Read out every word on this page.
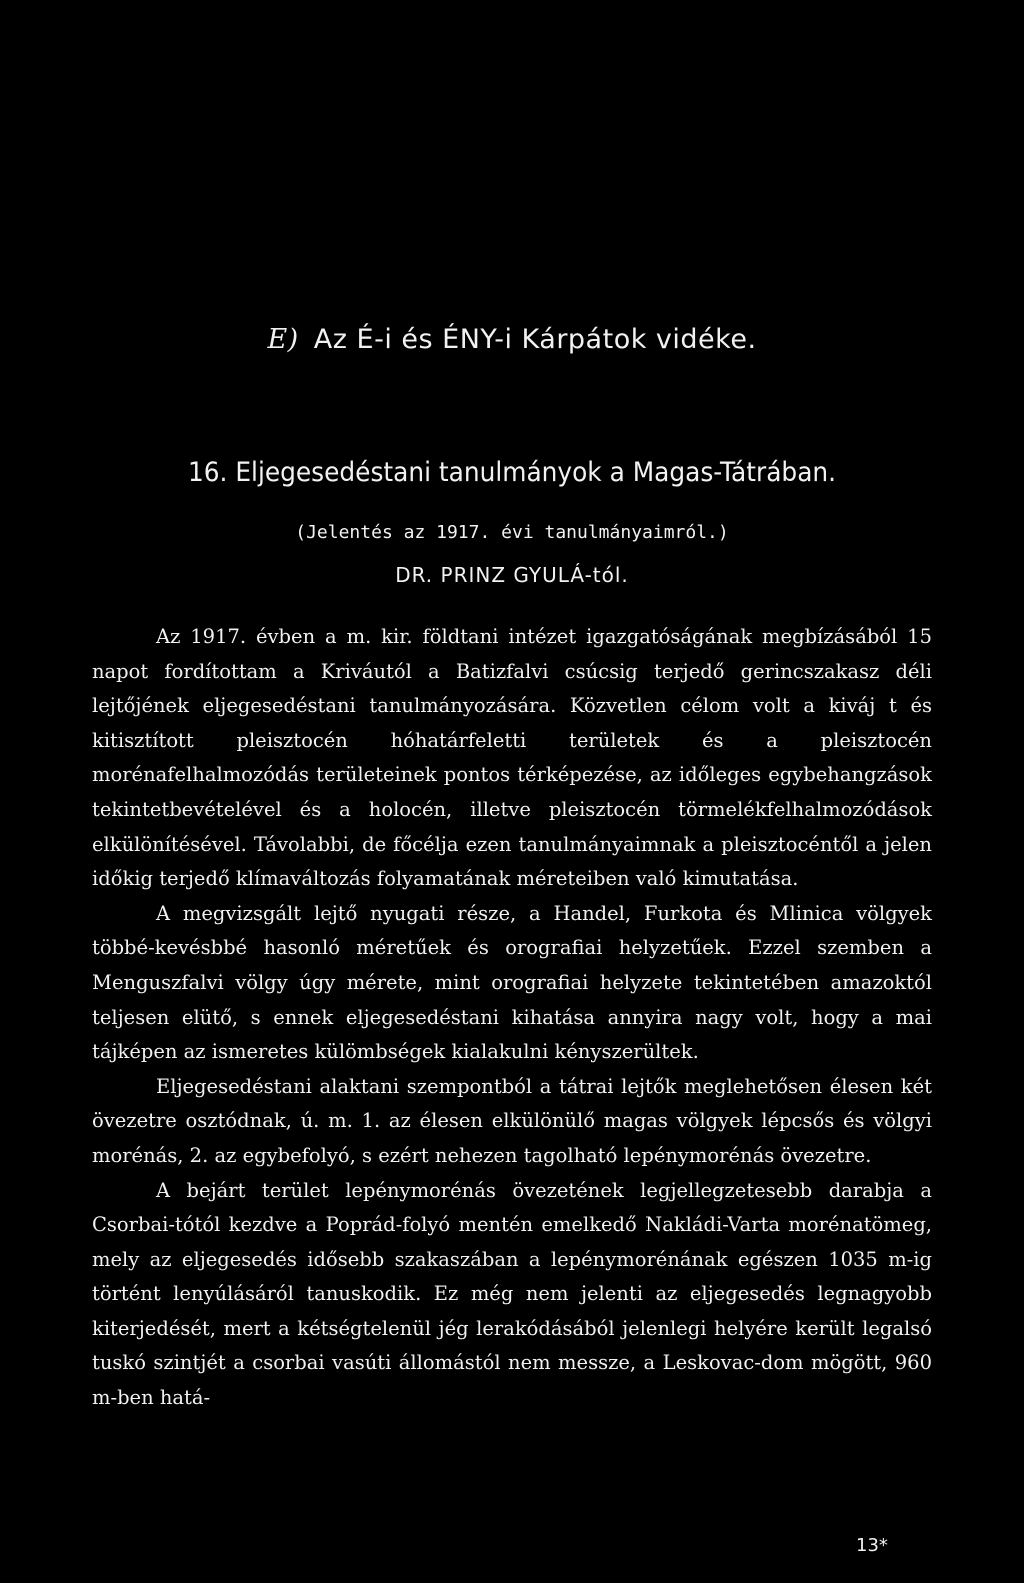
E) Az É-i és ÉNY-i Kárpátok vidéke.
16. Eljegesedéstani tanulmányok a Magas-Tátrában.
(Jelentés az 1917. évi tanulmányaimról.)
DR. PRINZ GYULÁ-tól.

Az 1917. évben a m. kir. földtani intézet igazgatóságának megbízásából 15 napot fordítottam a Kriváutól a Batizfalvi csúcsig terjedő gerincszakasz déli lejtőjének eljegesedéstani tanulmányozására. Közvetlen célom volt a kiváj t és kitisztított pleisztocén hóhatárfeletti területek és a pleisztocén morénafelhalmozódás területeinek pontos térképezése, az időleges egybehangzások tekintetbevételével és a holocén, illetve pleisztocén törmelékfelhalmozódások elkülönítésével. Távolabbi, de főcélja ezen tanulmányaimnak a pleisztocéntől a jelen időkig terjedő klímaváltozás folyamatának méreteiben való kimutatása.

A megvizsgált lejtő nyugati része, a Handel, Furkota és Mlinica völgyek többé-kevésbbé hasonló méretűek és orografiai helyzetűek. Ezzel szemben a Menguszfalvi völgy úgy mérete, mint orografiai helyzete tekintetében amazoktól teljesen elütő, s ennek eljegesedéstani kihatása annyira nagy volt, hogy a mai tájképen az ismeretes külömbségek kialakulni kényszerültek.

Eljegesedéstani alaktani szempontból a tátrai lejtők meglehetősen élesen két övezetre osztódnak, ú. m. 1. az élesen elkülönülő magas völgyek lépcsős és völgyi morénás, 2. az egybefolyó, s ezért nehezen tagolható lepénymorénás övezetre.

A bejárt terület lepénymorénás övezetének legjellegzetesebb darabja a Csorbai-tótól kezdve a Poprád-folyó mentén emelkedő Nakládi-Varta morénatömeg, mely az eljegesedés idősebb szakaszában a lepénymorénának egészen 1035 m-ig történt lenyúlásáról tanuskodik. Ez még nem jelenti az eljegesedés legnagyobb kiterjedését, mert a kétségtelenül jég lerakódásából jelenlegi helyére került legalsó tuskó szintjét a csorbai vasúti állomástól nem messze, a Leskovac-dom mögött, 960 m-ben hatá-

13*
